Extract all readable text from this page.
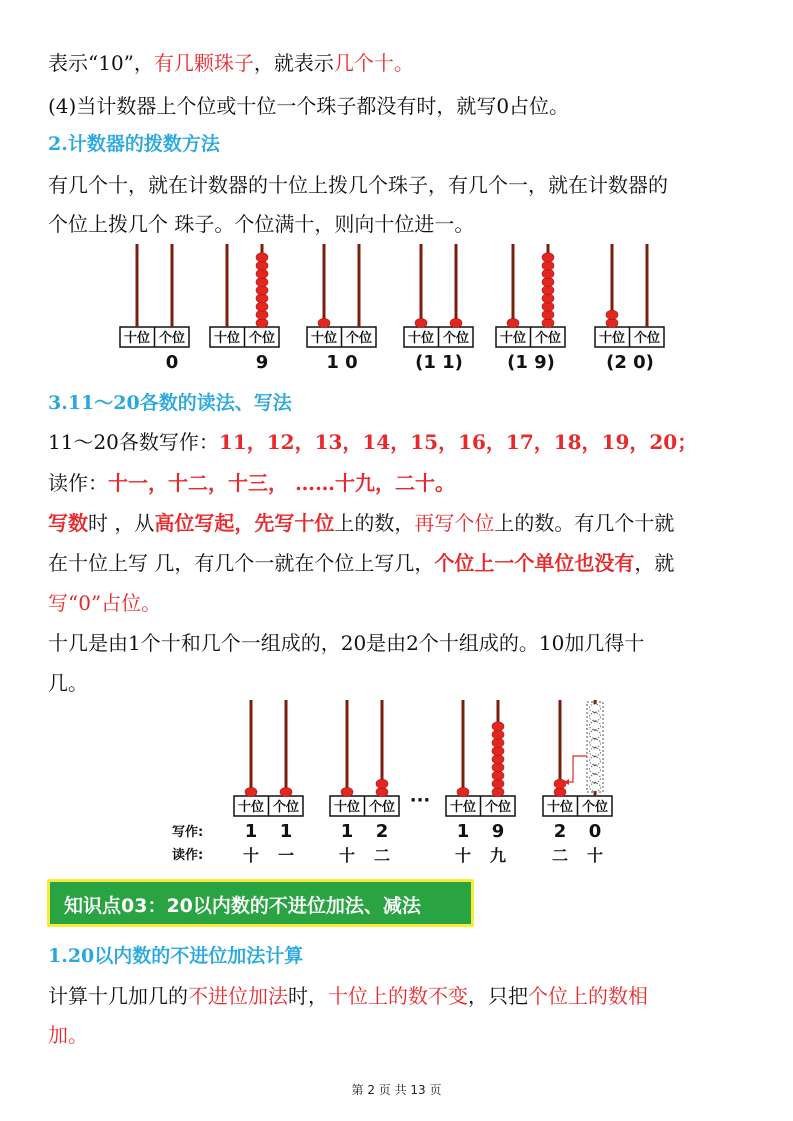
表示“10”，有几颗珠子，就表示几个十。
(4)当计数器上个位或十位一个珠子都没有时，就写0占位。
2.计数器的拨数方法
有几个十，就在计数器的十位上拨几个珠子，有几个一，就在计数器的
个位上拨几个 珠子。个位满十，则向十位进一。
十位 个位
0
十位 个位
9
十位 个位
1 0
十位 个位
(1 1)
十位 个位
(1 9)
十位 个位
(2 0)
3.11～20各数的读法、写法
11～20各数写作：11，12，13，14，15，16，17，18，19，20；
读作：十一，十二，十三， ……十九，二十。
写数时 ，从高位写起，先写十位上的数，再写个位上的数。有几个十就
在十位上写 几，有几个一就在个位上写几，个位上一个单位也没有，就
写“0”占位。
十几是由1个十和几个一组成的，20是由2个十组成的。10加几得十
几。
写作:
读作:
十位 个位
1
十
1
一
十位 个位
1
十
2
二
十位 个位
1
十
9
九
十位 个位
2
二
0
十
···
知识点03：20以内数的不进位加法、减法
1.20以内数的不进位加法计算
计算十几加几的不进位加法时，十位上的数不变，只把个位上的数相
加。
第 2 页 共 13 页
